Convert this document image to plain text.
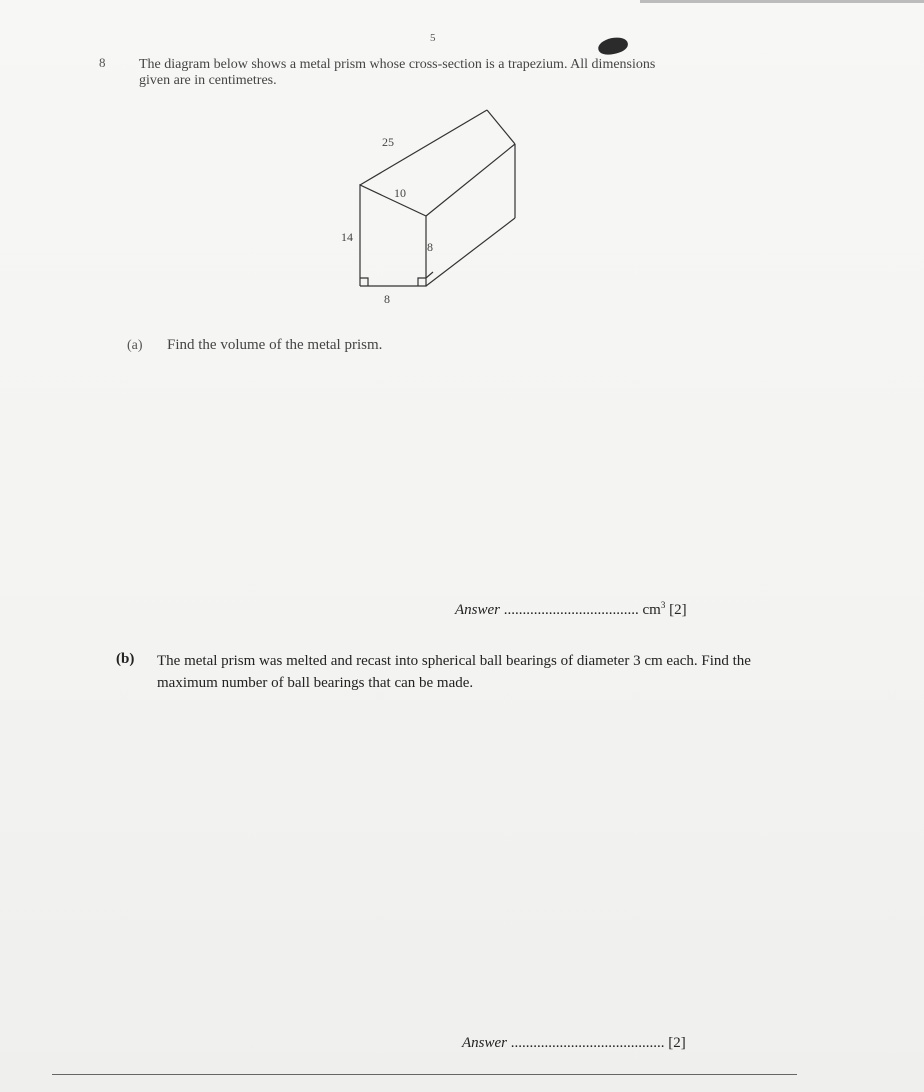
5
8 The diagram below shows a metal prism whose cross-section is a trapezium. All dimensions
given are in centimetres.
25
10
14
8
8
(a) Find the volume of the metal prism.
Answer .................................... $cm^3$ [2]
(b) The metal prism was melted and recast into spherical ball bearings of diameter 3 cm each. Find the maximum number of ball bearings that can be made.
Answer ......................................... [2]
